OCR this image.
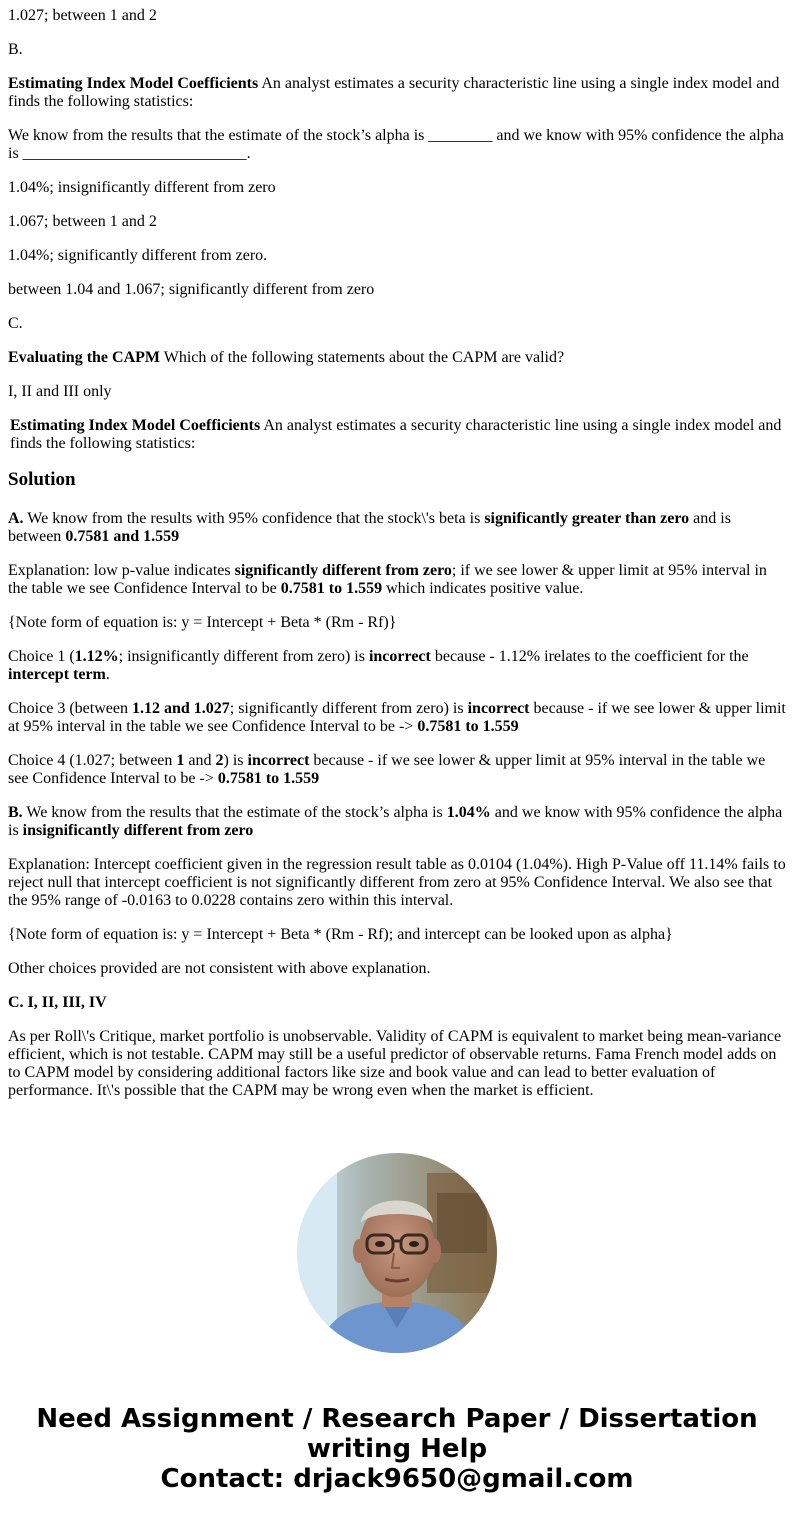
1.027; between 1 and 2

B.

Estimating Index Model Coefficients An analyst estimates a security characteristic line using a single index model and finds the following statistics:

We know from the results that the estimate of the stock’s alpha is ________ and we know with 95% confidence the alpha is ____________________________.

1.04%; insignificantly different from zero

1.067; between 1 and 2

1.04%; significantly different from zero.

between 1.04 and 1.067; significantly different from zero

C.

Evaluating the CAPM Which of the following statements about the CAPM are valid?

I, II and III only

Estimating Index Model Coefficients An analyst estimates a security characteristic line using a single index model and finds the following statistics:

Solution

A. We know from the results with 95% confidence that the stock\'s beta is significantly greater than zero and is between 0.7581 and 1.559

Explanation: low p-value indicates significantly different from zero; if we see lower & upper limit at 95% interval in the table we see Confidence Interval to be 0.7581 to 1.559 which indicates positive value.

{Note form of equation is: y = Intercept + Beta * (Rm - Rf)}

Choice 1 (1.12%; insignificantly different from zero) is incorrect because - 1.12% irelates to the coefficient for the intercept term.

Choice 3 (between 1.12 and 1.027; significantly different from zero) is incorrect because - if we see lower & upper limit at 95% interval in the table we see Confidence Interval to be -> 0.7581 to 1.559

Choice 4 (1.027; between 1 and 2) is incorrect because - if we see lower & upper limit at 95% interval in the table we see Confidence Interval to be -> 0.7581 to 1.559

B. We know from the results that the estimate of the stock’s alpha is 1.04% and we know with 95% confidence the alpha is insignificantly different from zero

Explanation: Intercept coefficient given in the regression result table as 0.0104 (1.04%). High P-Value off 11.14% fails to reject null that intercept coefficient is not significantly different from zero at 95% Confidence Interval. We also see that the 95% range of -0.0163 to 0.0228 contains zero within this interval.

{Note form of equation is: y = Intercept + Beta * (Rm - Rf); and intercept can be looked upon as alpha}

Other choices provided are not consistent with above explanation.

C. I, II, III, IV

As per Roll\'s Critique, market portfolio is unobservable. Validity of CAPM is equivalent to market being mean-variance efficient, which is not testable. CAPM may still be a useful predictor of observable returns. Fama French model adds on to CAPM model by considering additional factors like size and book value and can lead to better evaluation of performance. It\'s possible that the CAPM may be wrong even when the market is efficient.

Need Assignment / Research Paper / Dissertation
writing Help
Contact: drjack9650@gmail.com
